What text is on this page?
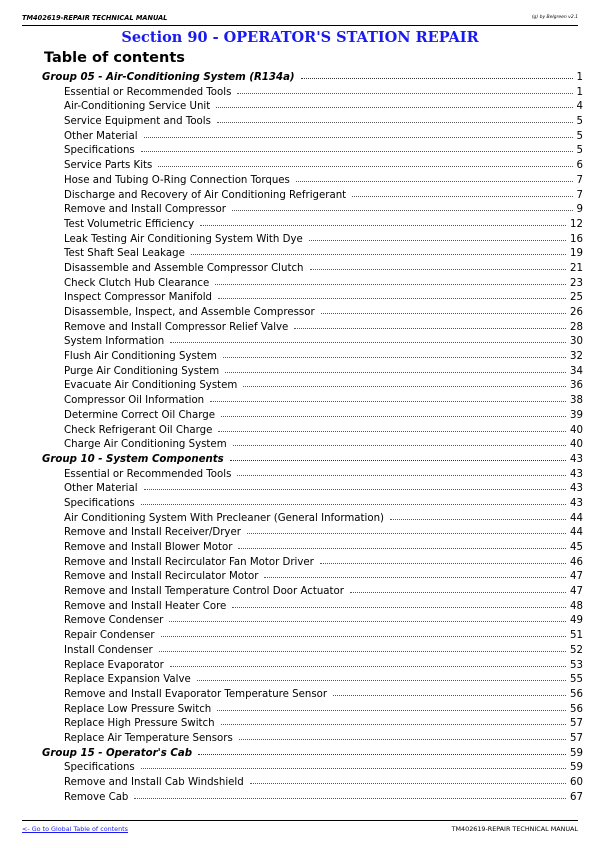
TM402619-REPAIR TECHNICAL MANUAL	(g) by Belgreen v2.1
Section 90 - OPERATOR'S STATION REPAIR
Table of contents
Group 05 - Air-Conditioning System (R134a)	1
Essential or Recommended Tools	1
Air-Conditioning Service Unit	4
Service Equipment and Tools	5
Other Material	5
Specifications	5
Service Parts Kits	6
Hose and Tubing O-Ring Connection Torques	7
Discharge and Recovery of Air Conditioning Refrigerant	7
Remove and Install Compressor	9
Test Volumetric Efficiency	12
Leak Testing Air Conditioning System With Dye	16
Test Shaft Seal Leakage	19
Disassemble and Assemble Compressor Clutch	21
Check Clutch Hub Clearance	23
Inspect Compressor Manifold	25
Disassemble, Inspect, and Assemble Compressor	26
Remove and Install Compressor Relief Valve	28
System Information	30
Flush Air Conditioning System	32
Purge Air Conditioning System	34
Evacuate Air Conditioning System	36
Compressor Oil Information	38
Determine Correct Oil Charge	39
Check Refrigerant Oil Charge	40
Charge Air Conditioning System	40
Group 10 - System Components	43
Essential or Recommended Tools	43
Other Material	43
Specifications	43
Air Conditioning System With Precleaner (General Information)	44
Remove and Install Receiver/Dryer	44
Remove and Install Blower Motor	45
Remove and Install Recirculator Fan Motor Driver	46
Remove and Install Recirculator Motor	47
Remove and Install Temperature Control Door Actuator	47
Remove and Install Heater Core	48
Remove Condenser	49
Repair Condenser	51
Install Condenser	52
Replace Evaporator	53
Replace Expansion Valve	55
Remove and Install Evaporator Temperature Sensor	56
Replace Low Pressure Switch	56
Replace High Pressure Switch	57
Replace Air Temperature Sensors	57
Group 15 - Operator's Cab	59
Specifications	59
Remove and Install Cab Windshield	60
Remove Cab	67
<- Go to Global Table of contents	TM402619-REPAIR TECHNICAL MANUAL
